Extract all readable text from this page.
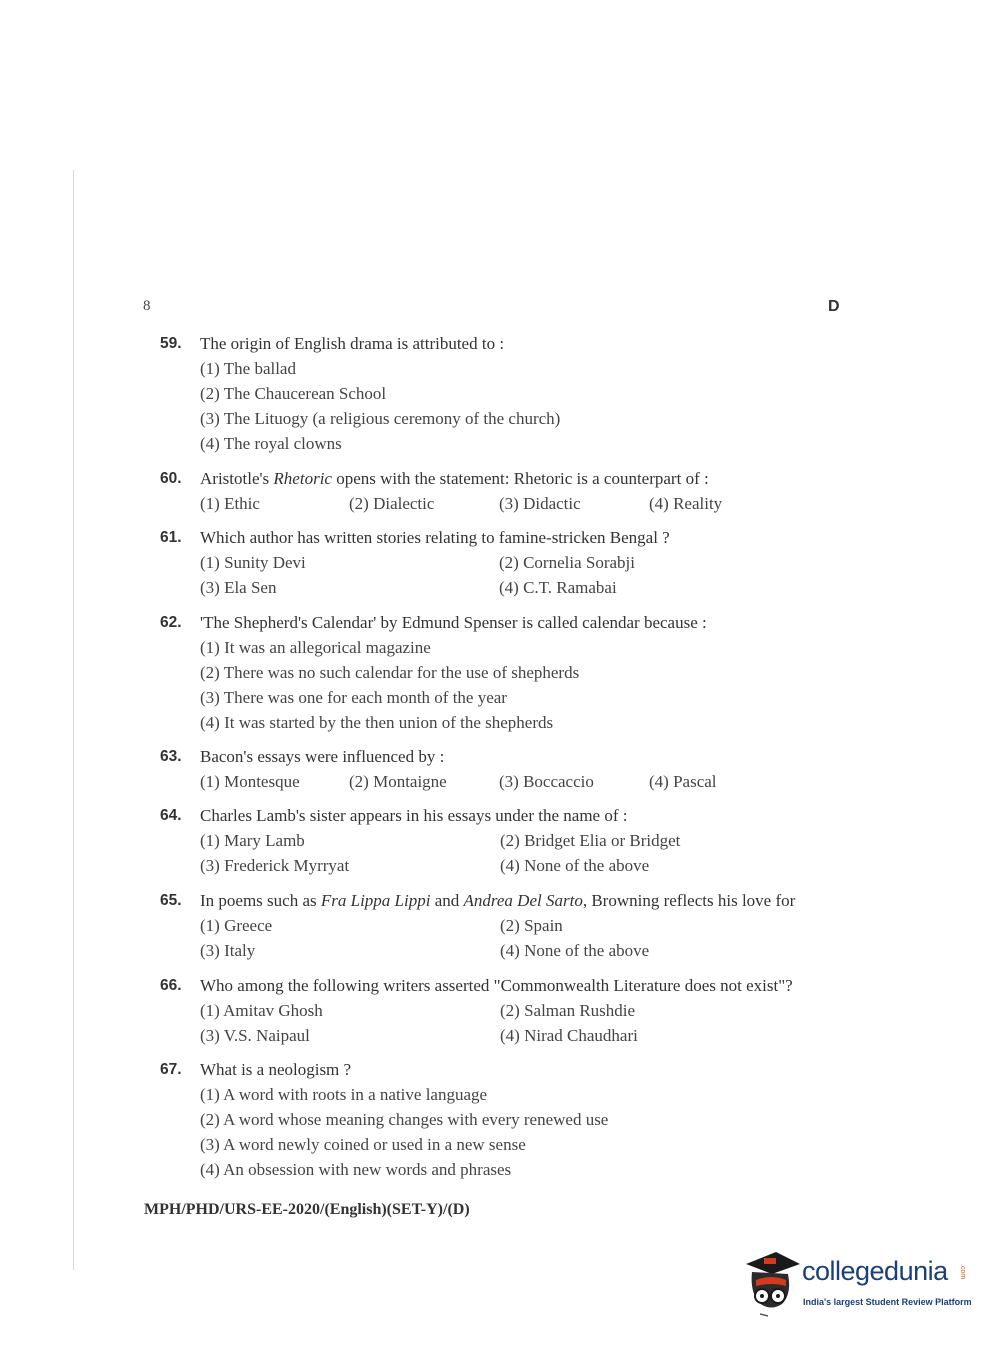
8	D
59. The origin of English drama is attributed to :
(1) The ballad
(2) The Chaucerean School
(3) The Lituogy (a religious ceremony of the church)
(4) The royal clowns
60. Aristotle's Rhetoric opens with the statement: Rhetoric is a counterpart of :
(1) Ethic	(2) Dialectic	(3) Didactic	(4) Reality
61. Which author has written stories relating to famine-stricken Bengal ?
(1) Sunity Devi	(2) Cornelia Sorabji
(3) Ela Sen	(4) C.T. Ramabai
62. 'The Shepherd's Calendar' by Edmund Spenser is called calendar because :
(1) It was an allegorical magazine
(2) There was no such calendar for the use of shepherds
(3) There was one for each month of the year
(4) It was started by the then union of the shepherds
63. Bacon's essays were influenced by :
(1) Montesque	(2) Montaigne	(3) Boccaccio	(4) Pascal
64. Charles Lamb's sister appears in his essays under the name of :
(1) Mary Lamb	(2) Bridget Elia or Bridget
(3) Frederick Myrryat	(4) None of the above
65. In poems such as Fra Lippa Lippi and Andrea Del Sarto, Browning reflects his love for
(1) Greece	(2) Spain
(3) Italy	(4) None of the above
66. Who among the following writers asserted "Commonwealth Literature does not exist"?
(1) Amitav Ghosh	(2) Salman Rushdie
(3) V.S. Naipaul	(4) Nirad Chaudhari
67. What is a neologism ?
(1) A word with roots in a native language
(2) A word whose meaning changes with every renewed use
(3) A word newly coined or used in a new sense
(4) An obsession with new words and phrases
MPH/PHD/URS-EE-2020/(English)(SET-Y)/(D)
collegedunia .com
India's largest Student Review Platform
